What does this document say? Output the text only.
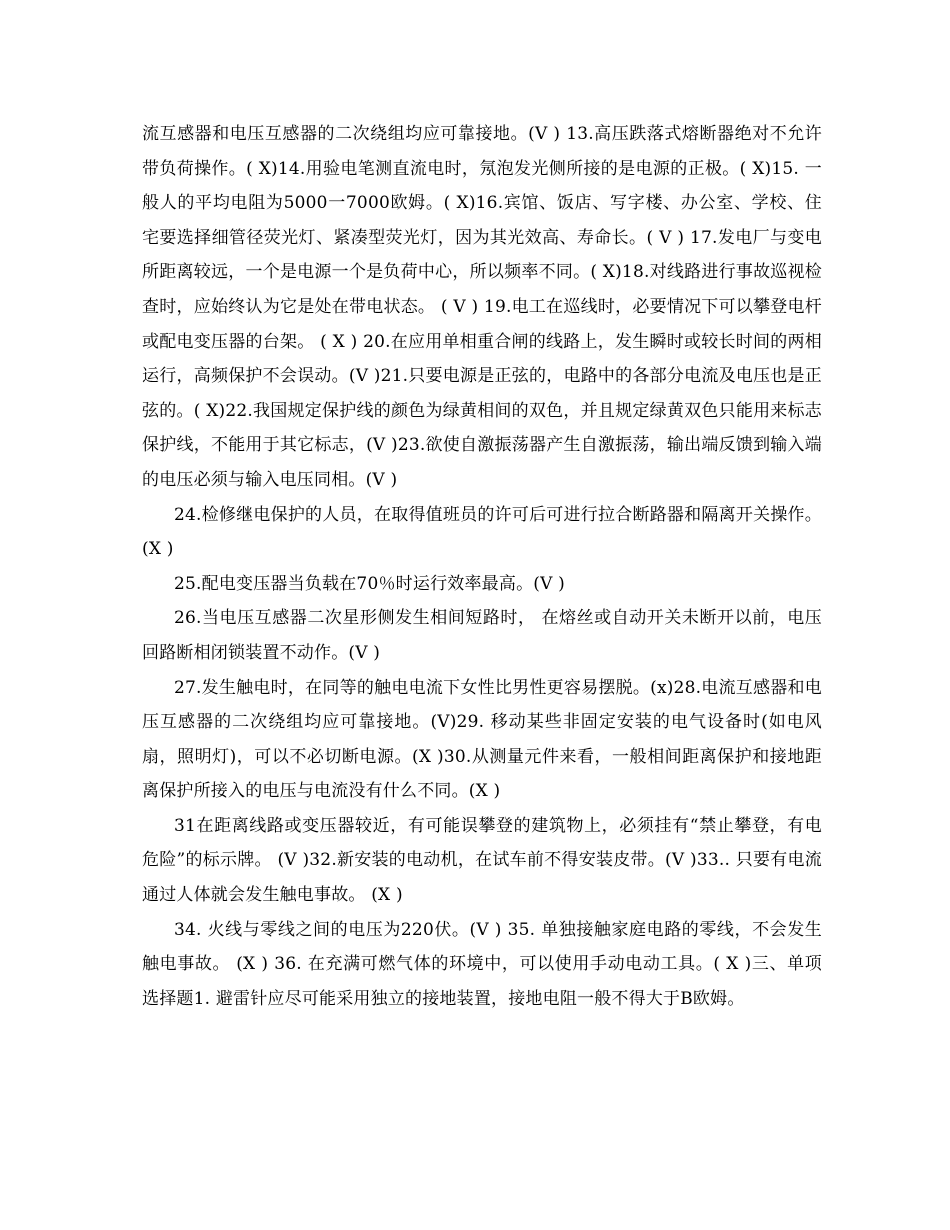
流互感器和电压互感器的二次绕组均应可靠接地。(V ) 13.高压跌落式熔断器绝对不允许带负荷操作。( X)14.用验电笔测直流电时，氖泡发光侧所接的是电源的正极。( X)15. 一般人的平均电阻为5000一7000欧姆。( X)16.宾馆、饭店、写字楼、办公室、学校、住宅要选择细管径荧光灯、紧凑型荧光灯，因为其光效高、寿命长。( V ) 17.发电厂与变电所距离较远，一个是电源一个是负荷中心，所以频率不同。( X)18.对线路进行事故巡视检查时，应始终认为它是处在带电状态。 ( V ) 19.电工在巡线时，必要情况下可以攀登电杆或配电变压器的台架。 ( X ) 20.在应用单相重合闸的线路上，发生瞬时或较长时间的两相运行，高频保护不会误动。(V )21.只要电源是正弦的，电路中的各部分电流及电压也是正弦的。( X)22.我国规定保护线的颜色为绿黄相间的双色，并且规定绿黄双色只能用来标志保护线，不能用于其它标志，(V )23.欲使自激振荡器产生自激振荡，输出端反馈到输入端的电压必须与输入电压同相。(V )

24.检修继电保护的人员，在取得值班员的许可后可进行拉合断路器和隔离开关操作。(X )

25.配电变压器当负载在70％时运行效率最高。(V )

26.当电压互感器二次星形侧发生相间短路时， 在熔丝或自动开关未断开以前，电压回路断相闭锁装置不动作。(V )

27.发生触电时，在同等的触电电流下女性比男性更容易摆脱。(x)28.电流互感器和电压互感器的二次绕组均应可靠接地。(V)29. 移动某些非固定安装的电气设备时(如电风扇，照明灯)，可以不必切断电源。(X )30.从测量元件来看，一般相间距离保护和接地距离保护所接入的电压与电流没有什么不同。(X )

31在距离线路或变压器较近，有可能误攀登的建筑物上，必须挂有“禁止攀登，有电危险”的标示牌。 (V )32.新安装的电动机，在试车前不得安装皮带。(V )33.. 只要有电流通过人体就会发生触电事故。 (X )

34. 火线与零线之间的电压为220伏。(V ) 35. 单独接触家庭电路的零线，不会发生触电事故。 (X ) 36. 在充满可燃气体的环境中，可以使用手动电动工具。( X )三、单项选择题1. 避雷针应尽可能采用独立的接地装置，接地电阻一般不得大于B欧姆。
